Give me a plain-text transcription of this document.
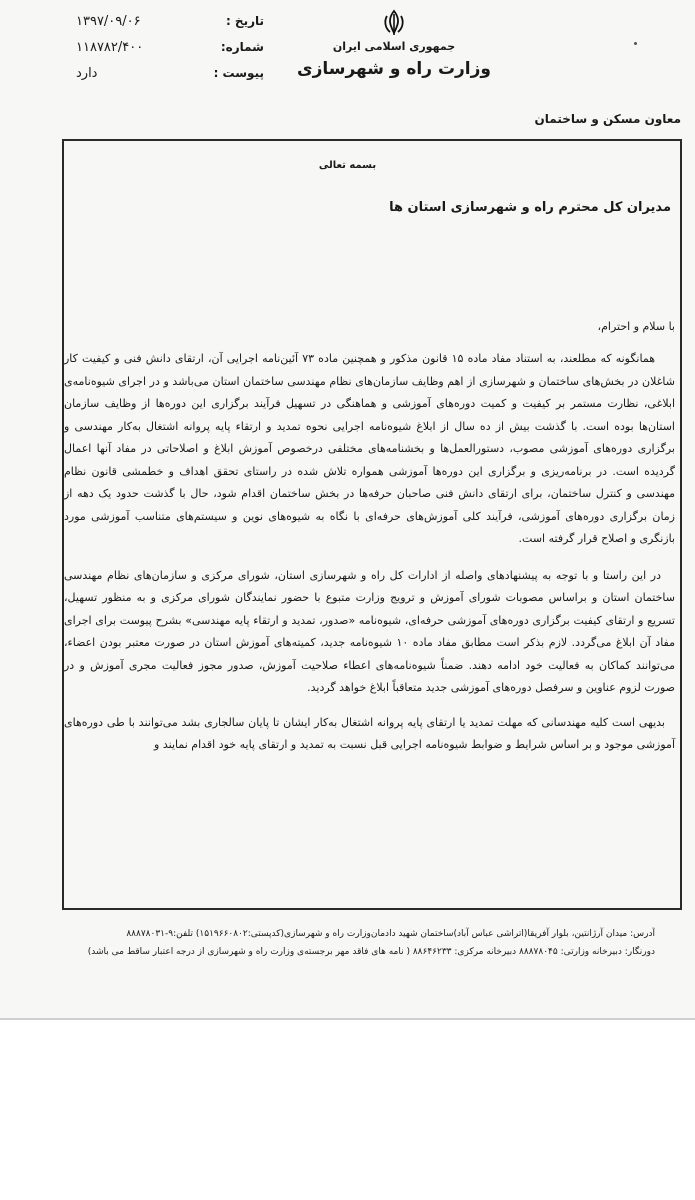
تاریخ :
۱۳۹۷/۰۹/۰۶
شماره:
۱۱۸۷۸۲/۴۰۰
پیوست :
دارد
جمهوری اسلامی ایران
وزارت راه و شهرسازی
معاون مسکن و ساختمان
بسمه تعالی
مدیران کل محترم راه و شهرسازی استان ها
با سلام و احترام،

همانگونه که مطلعند، به استناد مفاد ماده ۱۵ قانون مذکور و همچنین ماده ۷۳ آئین‌نامه اجرایی آن، ارتقای دانش فنی و کیفیت کار شاغلان در بخش‌های ساختمان و شهرسازی از اهم وظایف سازمان‌های نظام مهندسی ساختمان استان می‌باشد و در اجرای شیوه‌نامه‌ی ابلاغی، نظارت مستمر بر کیفیت و کمیت دوره‌های آموزشی و هماهنگی در تسهیل فرآیند برگزاری این دوره‌ها از وظایف سازمان استان‌ها بوده است. با گذشت بیش از ده سال از ابلاغ شیوه‌نامه اجرایی نحوه تمدید و ارتقاء پایه پروانه اشتغال به‌کار مهندسی و برگزاری دوره‌های آموزشی مصوب، دستورالعمل‌ها و بخشنامه‌های مختلفی درخصوص آموزش ابلاغ و اصلاحاتی در مفاد آنها اعمال گردیده است. در برنامه‌ریزی و برگزاری این دوره‌ها آموزشی همواره تلاش شده در راستای تحقق اهداف و خطمشی قانون نظام مهندسی و کنترل ساختمان، برای ارتقای دانش فنی صاحبان حرفه‌ها در بخش ساختمان اقدام شود، حال با گذشت حدود یک دهه از زمان برگزاری دوره‌های آموزشی، فرآیند کلی آموزش‌های حرفه‌ای با نگاه به شیوه‌های نوین و سیستم‌های متناسب آموزشی مورد بازنگری و اصلاح قرار گرفته است.

در این راستا و با توجه به پیشنهادهای واصله از ادارات کل راه و شهرسازی استان، شورای مرکزی و سازمان‌های نظام مهندسی ساختمان استان و براساس مصوبات شورای آموزش و ترویج وزارت متبوع با حضور نمایندگان شورای مرکزی و به منظور تسهیل، تسریع و ارتقای کیفیت برگزاری دوره‌های آموزشی حرفه‌ای، شیوه‌نامه «صدور، تمدید و ارتقاء پایه مهندسی» بشرح پیوست برای اجرای مفاد آن ابلاغ می‌گردد. لازم بذکر است مطابق مفاد ماده ۱۰ شیوه‌نامه جدید، کمیته‌های آموزش استان در صورت معتبر بودن اعضاء، می‌توانند کماکان به فعالیت خود ادامه دهند. ضمناً شیوه‌نامه‌های اعطاء صلاحیت آموزش، صدور مجوز فعالیت مجری آموزش و در صورت لزوم عناوین و سرفصل دوره‌های آموزشی جدید متعاقباً ابلاغ خواهد گردید.

بدیهی است کلیه مهندسانی که مهلت تمدید یا ارتقای پایه پروانه اشتغال به‌کار ایشان تا پایان سالجاری بشد می‌توانند با طی دوره‌های آموزشی موجود و بر اساس شرایط و ضوابط شیوه‌نامه اجرایی قبل نسبت به تمدید و ارتقای پایه خود اقدام نمایند و

آدرس: میدان آرژانتین، بلوار آفریقا(اتراشی عباس آباد)ساختمان شهید دادمان‌وزارت راه و شهرسازی(کدپستی:۱۵۱۹۶۶۰۸۰۲) تلفن:۹-۸۸۸۷۸۰۳۱
دورنگار: دبیرخانه وزارتی: ۸۸۸۷۸۰۴۵ دبیرخانه مرکزی: ۸۸۶۴۶۲۳۳ ( نامه های فاقد مهر برجسته‌ی وزارت راه و شهرسازی از درجه اعتبار ساقط می باشد)
